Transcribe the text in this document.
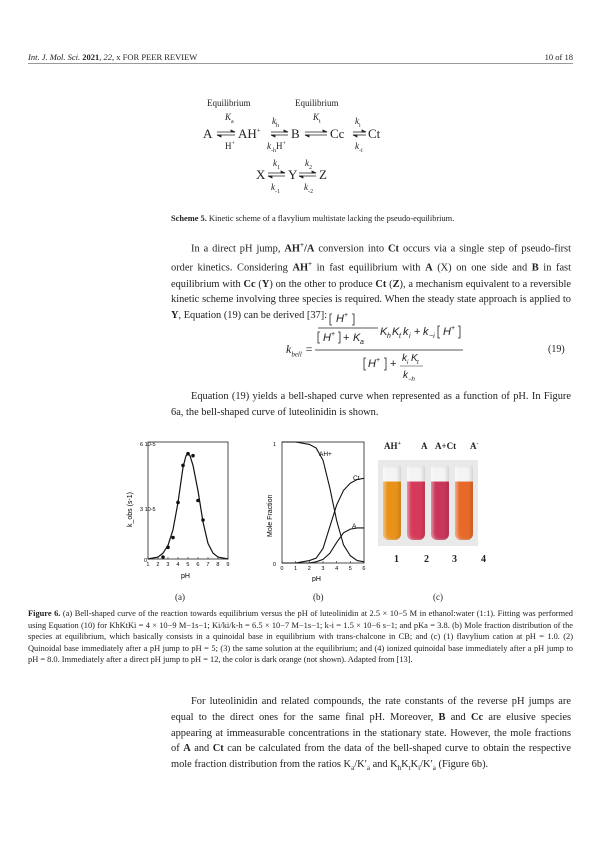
Int. J. Mol. Sci. 2021, 22, x FOR PEER REVIEW	10 of 18
Equilibrium	Equilibrium
$K_a$	$K_t$
$k_h$	$k_i$
A AH+ B Cc Ct
H+	$k_{-h}H^+$	$k_{-i}$
$k_1$	$k_2$
X Y Z
$k_{-1}$	$k_{-2}$
Scheme 5. Kinetic scheme of a flavylium multistate lacking the pseudo-equilibrium.
In a direct pH jump, AH+/A conversion into Ct occurs via a single step of pseudo-first order kinetics. Considering AH+ in fast equilibrium with A (X) on one side and B in fast equilibrium with Cc (Y) on the other to produce Ct (Z), a mechanism equivalent to a reversible kinetic scheme involving three species is required. When the steady state approach is applied to Y, Equation (19) can be derived [37]: H +
H + + K a
K h K t k i + k −i H +
H + + k i K t
k −h
$k_{bell}$ =	(19)
Equation (19) yields a bell-shaped curve when represented as a function of pH. In Figure 6a, the bell-shaped curve of luteolinidin is shown.
6 10-5
3 10-5
0
pH
k_obs (s-1)
1 2 3 4 5 6 7 8 9
(a)
1
0
pH
Mole Fraction
AH+
Ct
A
0 1 2 3 4 5 6
(b)
AH+ A A+Ct A-
1	2 3 4
(c)
Figure 6. (a) Bell-shaped curve of the reaction towards equilibrium versus the pH of luteolinidin at 2.5 × 10−5 M in ethanol:water (1:1). Fitting was performed using Equation (10) for KhKtKi = 4 × 10−9 M−1s−1; Ki/ki/k-h = 6.5 × 10−7 M−1s−1; k-i = 1.5 × 10−6 s−1; and pKa = 3.8. (b) Mole fraction distribution of the species at equilibrium, which basically consists in a quinoidal base in equilibrium with trans-chalcone in CB; and (c) (1) flavylium cation at pH = 1.0. (2) Quinoidal base immediately after a pH jump to pH = 5; (3) the same solution at the equilibrium; and (4) ionized quinoidal base immediately after a pH jump to pH = 8.0. Immediately after a direct pH jump to pH = 12, the color is dark orange (not shown). Adapted from [13].
For luteolinidin and related compounds, the rate constants of the reverse pH jumps are equal to the direct ones for the same final pH. Moreover, B and Cc are elusive species appearing at immeasurable concentrations in the stationary state. However, the mole fractions of A and Ct can be calculated from the data of the bell-shaped curve to obtain the respective mole fraction distribution from the ratios $K_a/K'_a$ and $K_hK_tK_i/K'_a$ (Figure 6b).
